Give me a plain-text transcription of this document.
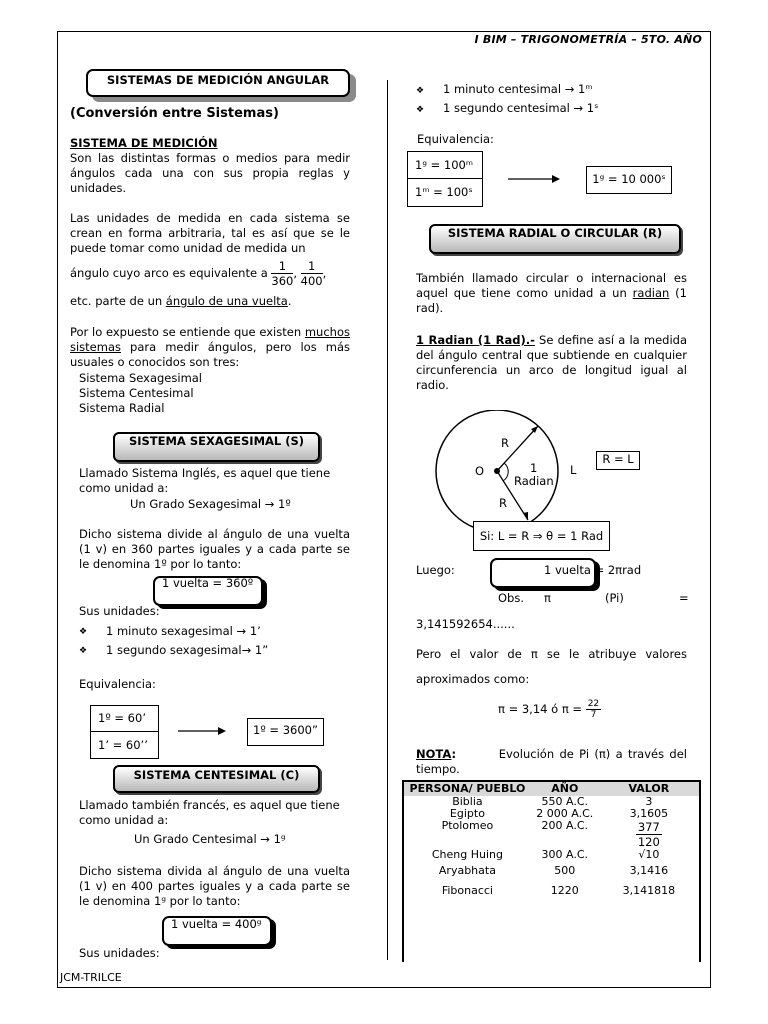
I BIM – TRIGONOMETRÍA – 5TO. AÑO
SISTEMAS DE MEDICIÓN ANGULAR
(Conversión entre Sistemas)
SISTEMA DE MEDICIÓN
Son las distintas formas o medios para medir ángulos cada una con sus propia reglas y unidades.
Las unidades de medida en cada sistema se crean en forma arbitraria, tal es así que se le puede tomar como unidad de medida un
ángulo cuyo arco es equivalente a $\frac{1}{360}$ , $\frac{1}{400}$ ,
etc. parte de un ángulo de una vuelta.
Por lo expuesto se entiende que existen muchos sistemas para medir ángulos, pero los más usuales o conocidos son tres:
Sistema Sexagesimal
Sistema Centesimal
Sistema Radial
SISTEMA SEXAGESIMAL (S)
Llamado Sistema Inglés, es aquel que tiene como unidad a:
Un Grado Sexagesimal → 1º
Dicho sistema divide al ángulo de una vuelta (1 v) en 360 partes iguales y a cada parte se le denomina 1º por lo tanto:
1 vuelta = 360º
Sus unidades:
❖ 1 minuto sexagesimal → 1’
❖ 1 segundo sexagesimal→ 1”
Equivalencia:
1º = 60’
1’ = 60’’
1º = 3600”
SISTEMA CENTESIMAL (C)
Llamado también francés, es aquel que tiene como unidad a:
Un Grado Centesimal → 1ᵍ
Dicho sistema divida al ángulo de una vuelta (1 v) en 400 partes iguales y a cada parte se le denomina 1ᵍ por lo tanto:
1 vuelta = 400ᵍ
Sus unidades:
❖ 1 minuto centesimal → 1ᵐ
❖ 1 segundo centesimal → 1ˢ
Equivalencia:
1ᵍ = 100ᵐ
1ᵐ = 100ˢ
1ᵍ = 10 000ˢ
SISTEMA RADIAL O CIRCULAR (R)
También llamado circular o internacional es aquel que tiene como unidad a un radian (1 rad).
1 Radian (1 Rad).- Se define así a la medida del ángulo central que subtiende en cualquier circunferencia un arco de longitud igual al radio.
R
O	1
Radian
L
R
R = L
Si: L = R ⇒ θ = 1 Rad
Luego:	1 vuelta = 2πrad
Obs. π	(Pi)	=
3,141592654......
Pero el valor de π se le atribuye valores aproximados como:
π = 3,14 ó $\pi = \frac{22}{7}$
NOTA:	Evolución de Pi (π) a través del tiempo.
PERSONA/ PUEBLO	AÑO	VALOR
Biblia	550 A.C.	3
Egipto	2 000 A.C.	3,1605
Ptolomeo	200 A.C.	$\frac{377}{120}$

Cheng Huing	300 A.C.	√10
Aryabhata	500	3,1416
Fibonacci	1220	3,141818
JCM-TRILCE
